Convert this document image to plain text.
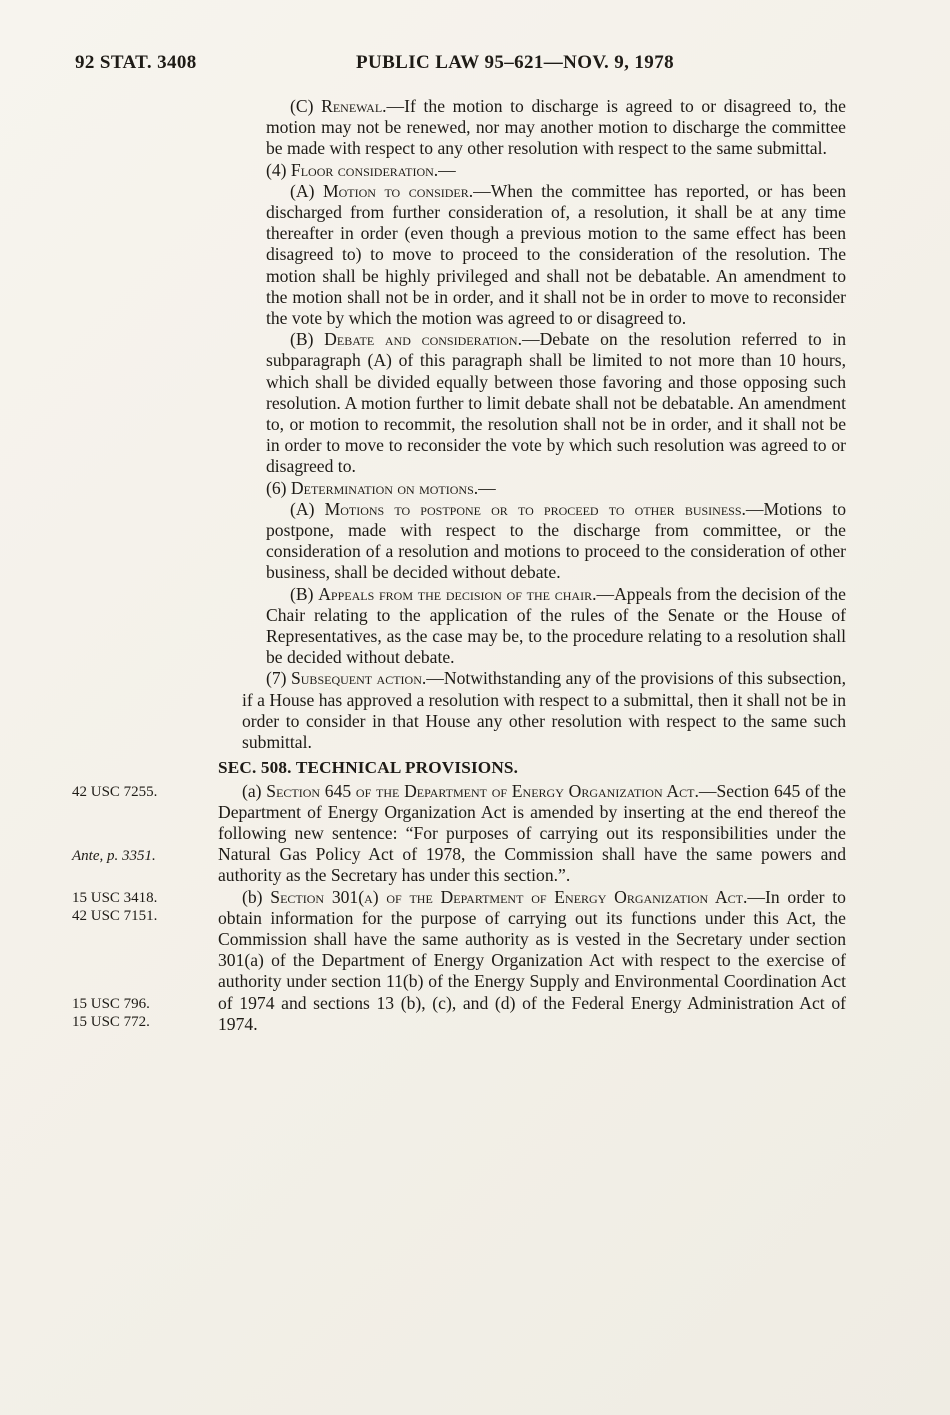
92 STAT. 3408	PUBLIC LAW 95–621—NOV. 9, 1978

(C) Renewal.—If the motion to discharge is agreed to or disagreed to, the motion may not be renewed, nor may another motion to discharge the committee be made with respect to any other resolution with respect to the same submittal.

(4) Floor consideration.—

(A) Motion to consider.—When the committee has reported, or has been discharged from further consideration of, a resolution, it shall be at any time thereafter in order (even though a previous motion to the same effect has been disagreed to) to move to proceed to the consideration of the resolution. The motion shall be highly privileged and shall not be debatable. An amendment to the motion shall not be in order, and it shall not be in order to move to reconsider the vote by which the motion was agreed to or disagreed to.

(B) Debate and consideration.—Debate on the resolution referred to in subparagraph (A) of this paragraph shall be limited to not more than 10 hours, which shall be divided equally between those favoring and those opposing such resolution. A motion further to limit debate shall not be debatable. An amendment to, or motion to recommit, the resolution shall not be in order, and it shall not be in order to move to reconsider the vote by which such resolution was agreed to or disagreed to.

(6) Determination on motions.—

(A) Motions to postpone or to proceed to other business.—Motions to postpone, made with respect to the discharge from committee, or the consideration of a resolution and motions to proceed to the consideration of other business, shall be decided without debate.

(B) Appeals from the decision of the chair.—Appeals from the decision of the Chair relating to the application of the rules of the Senate or the House of Representatives, as the case may be, to the procedure relating to a resolution shall be decided without debate.

(7) Subsequent action.—Notwithstanding any of the provisions of this subsection, if a House has approved a resolution with respect to a submittal, then it shall not be in order to consider in that House any other resolution with respect to the same such submittal.

SEC. 508. TECHNICAL PROVISIONS.

(a) Section 645 of the Department of Energy Organization Act.—Section 645 of the Department of Energy Organization Act is amended by inserting at the end thereof the following new sentence: “For purposes of carrying out its responsibilities under the Natural Gas Policy Act of 1978, the Commission shall have the same powers and authority as the Secretary has under this section.”.
42 USC 7255.
Ante, p. 3351.

(b) Section 301(a) of the Department of Energy Organization Act.—In order to obtain information for the purpose of carrying out its functions under this Act, the Commission shall have the same authority as is vested in the Secretary under section 301(a) of the Department of Energy Organization Act with respect to the exercise of authority under section 11(b) of the Energy Supply and Environmental Coordination Act of 1974 and sections 13 (b), (c), and (d) of the Federal Energy Administration Act of 1974.
15 USC 3418.
42 USC 7151.
15 USC 796.
15 USC 772.
